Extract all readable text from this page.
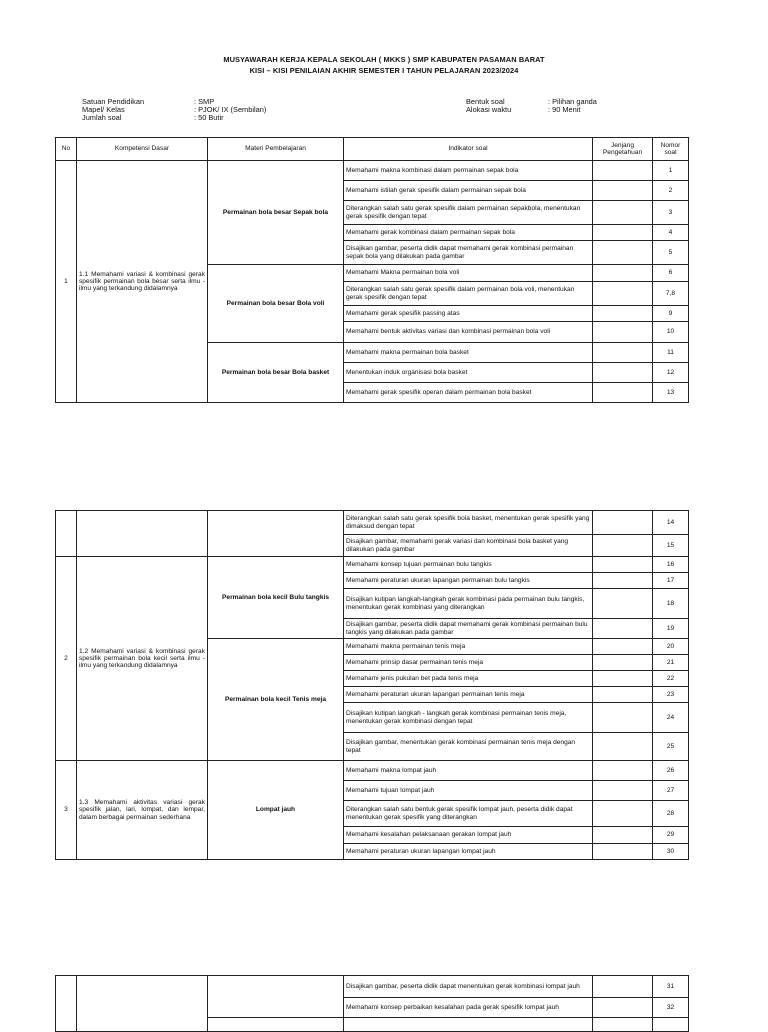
MUSYAWARAH KERJA KEPALA SEKOLAH ( MKKS ) SMP KABUPATEN PASAMAN BARAT
KISI – KISI PENILAIAN AKHIR SEMESTER I TAHUN PELAJARAN 2023/2024
Satuan Pendidikan	: SMP
Mapel/ Kelas	: PJOK/ IX (Sembilan)
Jumlah soal	: 50 Butir
Bentuk soal	: Pilihan ganda
Alokasi waktu	: 90 Menit
No	Kompetensi Dasar	Materi Pembelajaran	Indikator soal	Jenjang Pengetahuan	Nomor soal
1	1.1 Memahami variasi & kombinasi gerak spesifik permainan bola besar serta ilmu - ilmu yang terkandung didalamnya	Permainan bola besar Sepak bola	Memahami makna kombinasi dalam permainan sepak bola		1
			Memahami istilah gerak spesifik dalam permainan sepak bola		2
			Diterangkan salah satu gerak spesifik dalam permainan sepakbola, menentukan gerak spesifik dengan tepat		3
			Memahami gerak kombinasi dalam permainan sepak bola		4
			Disajikan gambar, peserta didik dapat memahami gerak kombinasi permainan sepak bola yang dilakukan pada gambar		5
		Permainan bola besar Bola voli	Memahami Makna permainan bola voli		6
			Diterangkan salah satu gerak spesifik dalam permainan bola voli, menentukan gerak spesifik dengan tepat		7,8
			Memahami gerak spesifik passing atas		9
			Memahami bentuk aktivitas variasi dan kombinasi permainan bola voli		10
		Permainan bola besar Bola basket	Memahami makna permainan bola basket		11
			Menentukan induk organisasi bola basket		12
			Memahami gerak spesifik operan dalam permainan bola basket		13
			Diterangkan salah satu gerak spesifik bola basket, menentukan gerak spesifik yang dimaksud dengan tepat		14
			Disajikan gambar, memahami gerak variasi dan kombinasi bola basket yang dilakukan pada gambar		15
2	1.2 Memahami variasi & kombinasi gerak spesifik permainan bola kecil serta ilmu - ilmu yang terkandung didalamnya	Permainan bola kecil Bulu tangkis	Memahami konsep tujuan permainan bulu tangkis		16
			Memahami peraturan ukuran lapangan permainan bulu tangkis		17
			Disajikan kutipan langkah-langkah gerak kombinasi pada permainan bulu tangkis, menentukan gerak kombinasi yang diterangkan		18
			Disajikan gambar, peserta didik dapat memahami gerak kombinasi permainan bulu tangkis yang dilakukan pada gambar		19
		Permainan bola kecil Tenis meja	Memahami makna permainan tenis meja		20
			Memahami prinsip dasar permainan tenis meja		21
			Memahami jenis pukulan bet pada tenis meja		22
			Memahami peraturan ukuran lapangan permainan tenis meja		23
			Disajikan kutipan langkah - langkah gerak kombinasi permainan tenis meja, menentukan gerak kombinasi dengan tepat		24
			Disajikan gambar, menentukan gerak kombinasi permainan tenis meja dengan tepat		25
3	1.3 Memahami aktivitas variasi gerak spesifik jalan, lari, lompat, dan lempar, dalam berbagai permainan sederhana	Lompat jauh	Memahami makna lompat jauh		26
			Memahami tujuan lompat jauh		27
			Diterangkan salah satu bentuk gerak spesifik lompat jauh, peserta didik dapat menentukan gerak spesifik yang diterangkan		28
			Memahami kesalahan pelaksanaan gerakan lompat jauh		29
			Memahami peraturan ukuran lapangan lompat jauh		30
			Disajikan gambar, peserta didik dapat menentukan gerak kombinasi lompat jauh		31
			Memahami konsep perbaikan kesalahan pada gerak spesifik lompat jauh		32
